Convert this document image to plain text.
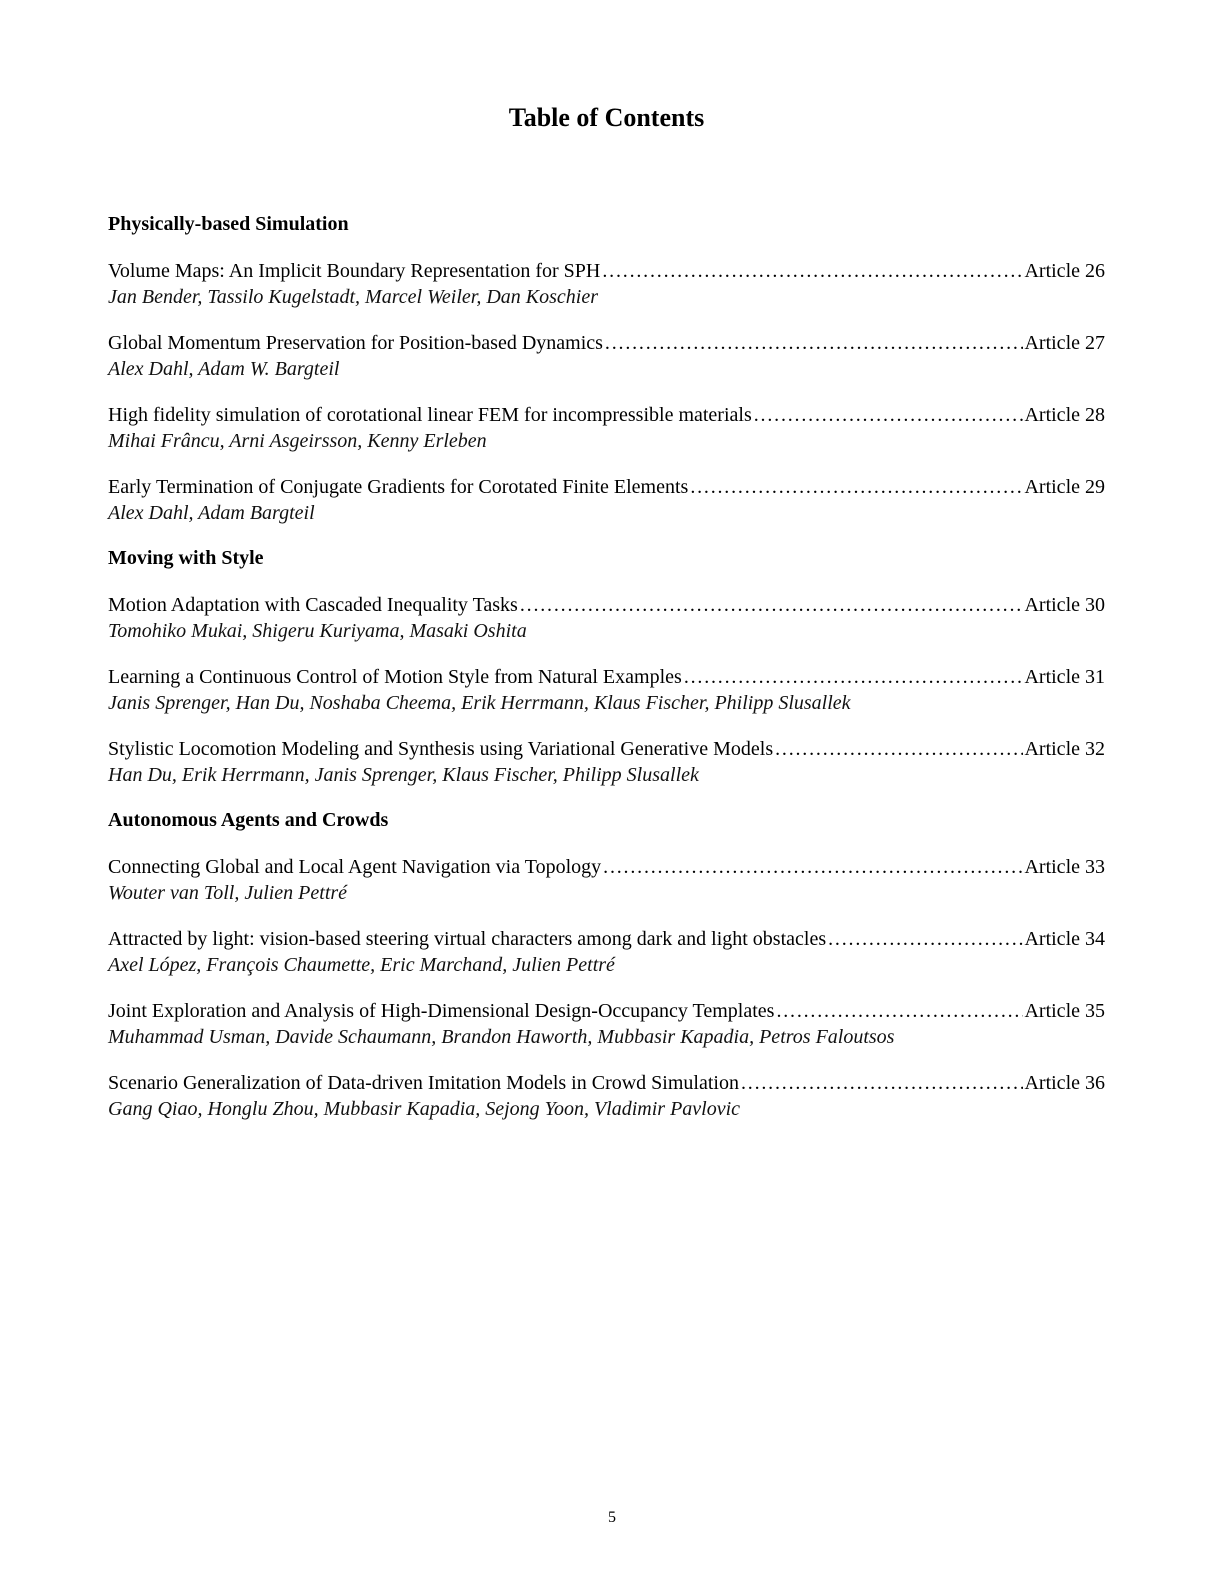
Table of Contents
Physically-based Simulation
Volume Maps: An Implicit Boundary Representation for SPH .....	Article 26
Jan Bender, Tassilo Kugelstadt, Marcel Weiler, Dan Koschier
Global Momentum Preservation for Position-based Dynamics .....	Article 27
Alex Dahl, Adam W. Bargteil
High fidelity simulation of corotational linear FEM for incompressible materials .....	Article 28
Mihai Frâncu, Arni Asgeirsson, Kenny Erleben
Early Termination of Conjugate Gradients for Corotated Finite Elements .....	Article 29
Alex Dahl, Adam Bargteil
Moving with Style
Motion Adaptation with Cascaded Inequality Tasks .....	Article 30
Tomohiko Mukai, Shigeru Kuriyama, Masaki Oshita
Learning a Continuous Control of Motion Style from Natural Examples .....	Article 31
Janis Sprenger, Han Du, Noshaba Cheema, Erik Herrmann, Klaus Fischer, Philipp Slusallek
Stylistic Locomotion Modeling and Synthesis using Variational Generative Models .....	Article 32
Han Du, Erik Herrmann, Janis Sprenger, Klaus Fischer, Philipp Slusallek
Autonomous Agents and Crowds
Connecting Global and Local Agent Navigation via Topology .....	Article 33
Wouter van Toll, Julien Pettré
Attracted by light: vision-based steering virtual characters among dark and light obstacles .....	Article 34
Axel López, François Chaumette, Eric Marchand, Julien Pettré
Joint Exploration and Analysis of High-Dimensional Design-Occupancy Templates .....	Article 35
Muhammad Usman, Davide Schaumann, Brandon Haworth, Mubbasir Kapadia, Petros Faloutsos
Scenario Generalization of Data-driven Imitation Models in Crowd Simulation .....	Article 36
Gang Qiao, Honglu Zhou, Mubbasir Kapadia, Sejong Yoon, Vladimir Pavlovic
5
